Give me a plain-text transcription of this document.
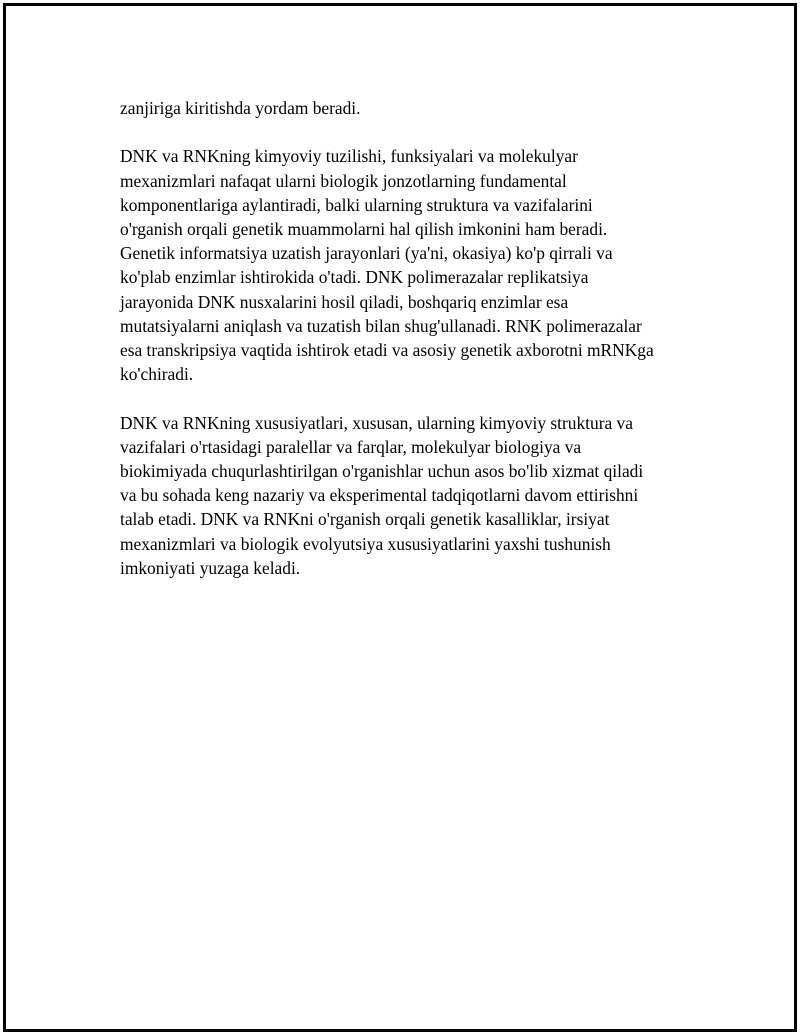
zanjiriga kiritishda yordam beradi.

DNK va RNKning kimyoviy tuzilishi, funksiyalari va molekulyar
mexanizmlari nafaqat ularni biologik jonzotlarning fundamental
komponentlariga aylantiradi, balki ularning struktura va vazifalarini
o'rganish orqali genetik muammolarni hal qilish imkonini ham beradi.
Genetik informatsiya uzatish jarayonlari (ya'ni, okasiya) ko'p qirrali va
ko'plab enzimlar ishtirokida o'tadi. DNK polimerazalar replikatsiya
jarayonida DNK nusxalarini hosil qiladi, boshqariq enzimlar esa
mutatsiyalarni aniqlash va tuzatish bilan shug'ullanadi. RNK polimerazalar
esa transkripsiya vaqtida ishtirok etadi va asosiy genetik axborotni mRNKga
ko'chiradi.

DNK va RNKning xususiyatlari, xususan, ularning kimyoviy struktura va
vazifalari o'rtasidagi paralellar va farqlar, molekulyar biologiya va
biokimiyada chuqurlashtirilgan o'rganishlar uchun asos bo'lib xizmat qiladi
va bu sohada keng nazariy va eksperimental tadqiqotlarni davom ettirishni
talab etadi. DNK va RNKni o'rganish orqali genetik kasalliklar, irsiyat
mexanizmlari va biologik evolyutsiya xususiyatlarini yaxshi tushunish
imkoniyati yuzaga keladi.
